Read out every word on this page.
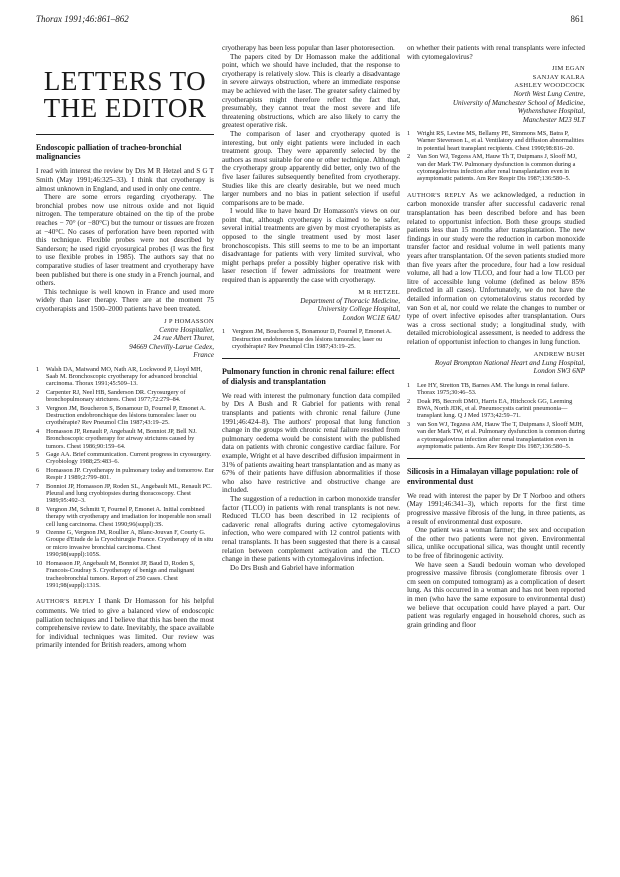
Thorax 1991;46:861–862	861
LETTERS TO THE EDITOR
Endoscopic palliation of tracheo-bronchial malignancies

I read with interest the review by Drs M R Hetzel and S G T Smith (May 1991;46:325–33). I think that cryotherapy is almost unknown in England, and used in only one centre.

There are some errors regarding cryotherapy. The bronchial probes now use nitrous oxide and not liquid nitrogen. The temperature obtained on the tip of the probe reaches − 70° (or −80°C) but the tumour or tissues are frozen at −40°C. No cases of perforation have been reported with this technique. Flexible probes were not described by Sanderson; he used rigid cryosurgical probes (I was the first to use flexible probes in 1985). The authors say that no comparative studies of laser treatment and cryotherapy have been published but there is one study in a French journal, and others.

This technique is well known in France and used more widely than laser therapy. There are at the moment 75 cryotherapists and 1500–2000 patients have been treated.

J P HOMASSON
Centre Hospitalier,
24 rue Albert Thuret,
94669 Chevilly-Larue Cedex,
France
1 Walsh DA, Maiwand MO, Nath AR, Lockwood P, Lloyd MH, Saab M. Bronchoscopic cryotherapy for advanced bronchial carcinoma. Thorax 1991;45:509–13.
2 Carpenter RJ, Neel HB, Sanderson DR. Cryosurgery of bronchopulmonary strictures. Chest 1977;72:279–84.
3 Vergnon JM, Boucheron S, Bonamour D, Fournel P, Emonet A. Destruction endobronchique des lésions tumorales: laser ou cryothérapie? Rev Pneumol Clin 1987;43:19–25.
4 Homasson JP, Renault P, Angebault M, Bonniot JP, Bell NJ. Bronchoscopic cryotherapy for airway strictures caused by tumors. Chest 1986;90:159–64.
5 Gage AA. Brief communication. Current progress in cryosurgery. Cryobiology 1988;25:483–6.
6 Homasson JP. Cryotherapy in pulmonary today and tomorrow. Eur Respir J 1989;2:799–801.
7 Bonniot JP, Homasson JP, Roden SL, Angebault ML, Renault PC. Pleural and lung cryobiopsies during thoracoscopy. Chest 1989;95:492–3.
8 Vergnon JM, Schmitt T, Fournel P, Emonet A. Initial combined therapy with cryotherapy and irradiation for inoperable non small cell lung carcinoma. Chest 1990;96(suppl):3S.
9 Ozenne G, Vergnon JM, Roullier A, Blanc-Jouvan F, Courty G. Groupe d'Etude de la Cryochirurgie France. Cryotherapy of in situ or micro invasive bronchial carcinoma. Chest 1990;98(suppl):105S.
10 Homasson JP, Angebault M, Bonniot JP, Baud D, Roden S, Francois-Coudray S. Cryotherapy of benign and malignant tracheobronchial tumors. Report of 250 cases. Chest 1991;98(suppl):131S.

AUTHOR'S REPLY I thank Dr Homasson for his helpful comments. We tried to give a balanced view of endoscopic palliation techniques and I believe that this has been the most comprehensive review to date. Inevitably, the space available for individual techniques was limited. Our review was primarily intended for British readers, among whom

cryotherapy has been less popular than laser photoresection.

The papers cited by Dr Homasson make the additional point, which we should have included, that the response to cryotherapy is relatively slow. This is clearly a disadvantage in severe airways obstruction, where an immediate response may be achieved with the laser. The greater safety claimed by cryotherapists might therefore reflect the fact that, presumably, they cannot treat the most severe and life threatening obstructions, which are also likely to carry the greatest operative risk.

The comparison of laser and cryotherapy quoted is interesting, but only eight patients were included in each treatment group. They were apparently selected by the authors as most suitable for one or other technique. Although the cryotherapy group apparently did better, only two of the five laser failures subsequently benefited from cryotherapy. Studies like this are clearly desirable, but we need much larger numbers and no bias in patient selection if useful comparisons are to be made.

I would like to have heard Dr Homasson's views on our point that, although cryotherapy is claimed to be safer, several initial treatments are given by most cryotherapists as opposed to the single treatment used by most laser bronchoscopists. This still seems to me to be an important disadvantage for patients with very limited survival, who might perhaps prefer a possibly higher operative risk with laser resection if fewer admissions for treatment were required than is apparently the case with cryotherapy.

M R HETZEL
Department of Thoracic Medicine,
University College Hospital,
London WC1E 6AU
1 Vergnon JM, Boucheron S, Bonamour D, Fournel P, Emonet A. Destruction endobronchique des lésions tumorales; laser ou cryothérapie? Rev Pneumol Clin 1987;43:19–25.
Pulmonary function in chronic renal failure: effect of dialysis and transplantation

We read with interest the pulmonary function data compiled by Drs A Bush and R Gabriel for patients with renal transplants and patients with chronic renal failure (June 1991;46:424–8). The authors' proposal that lung function change in the groups with chronic renal failure resulted from pulmonary oedema would be consistent with the published data on patients with chronic congestive cardiac failure. For example, Wright et al have described diffusion impairment in 31% of patients awaiting heart transplantation and as many as 67% of their patients have diffusion abnormalities if those who also have restrictive and obstructive change are included.

The suggestion of a reduction in carbon monoxide transfer factor (TLCO) in patients with renal transplants is not new. Reduced TLCO has been described in 12 recipients of cadaveric renal allografts during active cytomegalovirus infection, who were compared with 12 control patients with renal transplants. It has been suggested that there is a causal relation between complement activation and the TLCO change in these patients with cytomegalovirus infection.

Do Drs Bush and Gabriel have information

on whether their patients with renal transplants were infected with cytomegalovirus?

JIM EGAN
SANJAY KALRA
ASHLEY WOODCOCK
North West Lung Centre,
University of Manchester School of Medicine,
Wythenshawe Hospital,
Manchester M23 9LT
1 Wright RS, Levine MS, Bellamy PE, Simmons MS, Batra P, Warner Stevenson L, et al. Ventilatory and diffusion abnormalities in potential heart transplant recipients. Chest 1990;98:816–20.
2 Van Son WJ, Tegzess AM, Hauw Th T, Duipmans J, Slooff MJ, van der Mark TW. Pulmonary dysfunction is common during a cytomegalovirus infection after renal transplantation even in asymptomatic patients. Am Rev Respir Dis 1987;136:580–5.

AUTHOR'S REPLY As we acknowledged, a reduction in carbon monoxide transfer after successful cadaveric renal transplantation has been described before and has been related to opportunist infection. Both these groups studied patients less than 15 months after transplantation. The new findings in our study were the reduction in carbon monoxide transfer factor and residual volume in well patients many years after transplantation. Of the seven patients studied more than five years after the procedure, four had a low residual volume, all had a low TLCO, and four had a low TLCO per litre of accessible lung volume (defined as below 85% predicted in all cases). Unfortunately, we do not have the detailed information on cytometalovirus status recorded by van Son et al, nor could we relate the changes to number or type of overt infective episodes after transplantation. Ours was a cross sectional study; a longitudinal study, with detailed microbiological assessment, is needed to address the relation of opportunist infection to changes in lung function.

ANDREW BUSH
Royal Brompton National Heart and Lung Hospital,
London SW3 6NP
1 Lee HY, Stretton TB, Barnes AM. The lungs in renal failure. Thorax 1975;30:46–53.
2 Doak PB, Becroft DMO, Harris EA, Hitchcock GG, Leeming BWA, North JDK, et al. Pneumocystis carinii pneumonia—transplant lung. Q J Med 1973;42:59–71.
3 van Son WJ, Tegzess AM, Hauw The T, Duipmans J, Slooff MJH, van der Mark TW, et al. Pulmonary dysfunction is common during a cytomegalovirus infection after renal transplantation even in asymptomatic patients. Am Rev Respir Dis 1987;136:580–5.
Silicosis in a Himalayan village population: role of environmental dust

We read with interest the paper by Dr T Norboo and others (May 1991;46:341–3), which reports for the first time progressive massive fibrosis of the lung, in three patients, as a result of environmental dust exposure.

One patient was a woman farmer; the sex and occupation of the other two patients were not given. Environmental silica, unlike occupational silica, was thought until recently to be free of fibrinogenic activity.

We have seen a Saudi bedouin woman who developed progressive massive fibrosis (conglomerate fibrosis over 1 cm seen on computed tomogram) as a complication of desert lung. As this occurred in a woman and has not been reported in men (who have the same exposure to environmental dust) we believe that occupation could have played a part. Our patient was regularly engaged in household chores, such as grain grinding and floor
